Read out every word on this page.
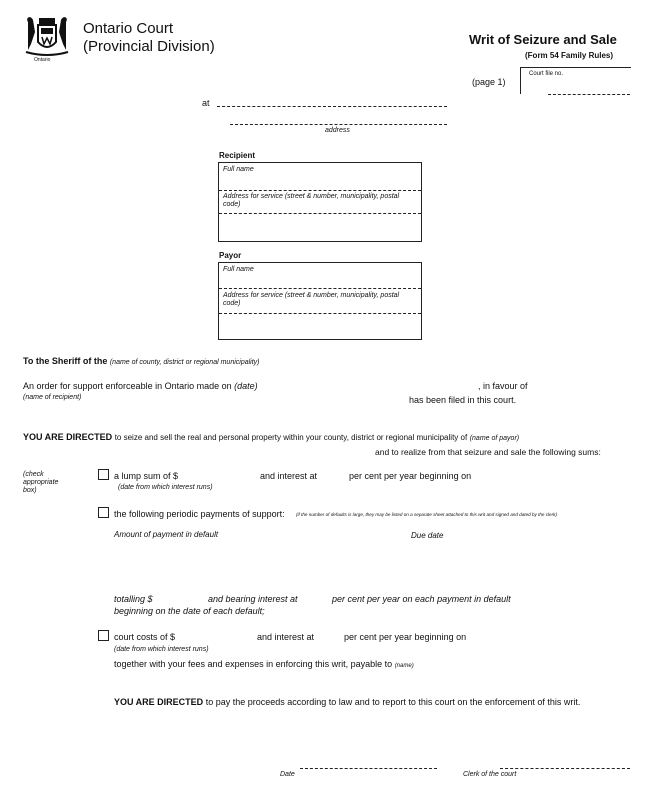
Ontario
Ontario Court
(Provincial Division)	Writ of Seizure and Sale
(Form 54 Family Rules)
(page 1)
Court file no.
at
address
Recipient
Full name
Address for service (street & number, municipality, postal code)
Payor
Full name
Address for service (street & number, municipality, postal code)
To the Sheriff of the (name of county, district or regional municipality)
An order for support enforceable in Ontario made on (date)	, in favour of
(name of recipient)	has been filed in this court.
YOU ARE DIRECTED to seize and sell the real and personal property within your county, district or regional municipality of (name of payor)
and to realize from that seizure and sale the following sums:
(check appropriate box)
a lump sum of $	and interest at	per cent per year beginning on
(date from which interest runs)
the following periodic payments of support: (if the number of defaults is large, they may be listed on a separate sheet attached to this writ and signed and dated by the clerk)
Amount of payment in default	Due date
totalling $	and bearing interest at	per cent per year on each payment in default
beginning on the date of each default;
court costs of $	and interest at	per cent per year beginning on
(date from which interest runs)
together with your fees and expenses in enforcing this writ, payable to (name)
YOU ARE DIRECTED to pay the proceeds according to law and to report to this court on the enforcement of this writ.
Date	Clerk of the court
